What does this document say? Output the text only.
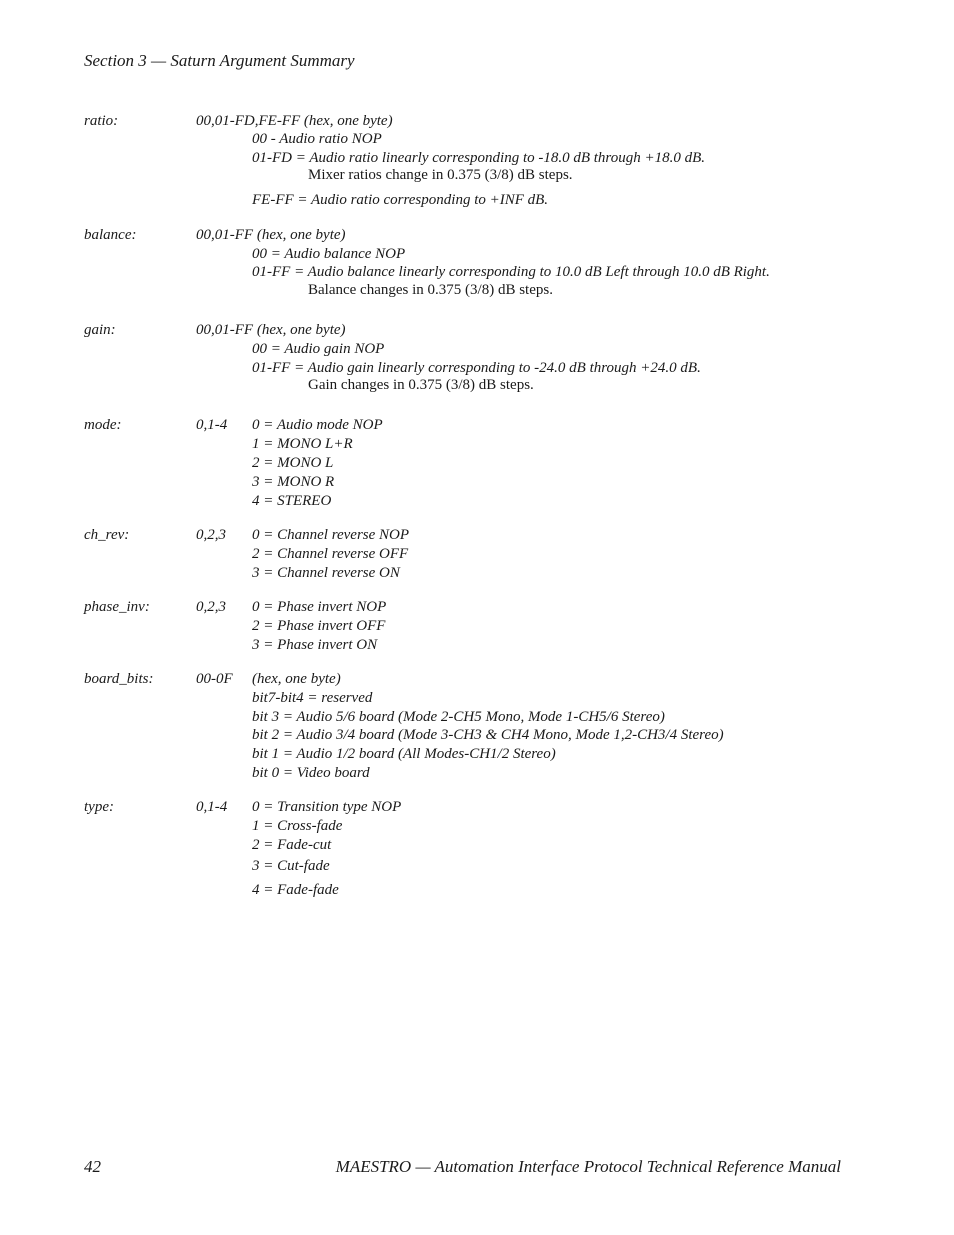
Section 3 — Saturn Argument Summary
ratio:	00,01-FD,FE-FF (hex, one byte)
00 - Audio ratio NOP
01-FD = Audio ratio linearly corresponding to -18.0 dB through +18.0 dB.
Mixer ratios change in 0.375 (3/8) dB steps.
FE-FF = Audio ratio corresponding to +INF dB.
balance:	00,01-FF (hex, one byte)
00 = Audio balance NOP
01-FF = Audio balance linearly corresponding to 10.0 dB Left through 10.0 dB Right.
Balance changes in 0.375 (3/8) dB steps.
gain:	00,01-FF (hex, one byte)
00 = Audio gain NOP
01-FF = Audio gain linearly corresponding to -24.0 dB through +24.0 dB.
Gain changes in 0.375 (3/8) dB steps.
mode:	0,1-4 0 = Audio mode NOP
1 = MONO L+R
2 = MONO L
3 = MONO R
4 = STEREO
ch_rev:	0,2,3 0 = Channel reverse NOP
2 = Channel reverse OFF
3 = Channel reverse ON
phase_inv:	0,2,3 0 = Phase invert NOP
2 = Phase invert OFF
3 = Phase invert ON
board_bits:	00-0F (hex, one byte)
bit7-bit4 = reserved
bit 3 = Audio 5/6 board (Mode 2-CH5 Mono, Mode 1-CH5/6 Stereo)
bit 2 = Audio 3/4 board (Mode 3-CH3 & CH4 Mono, Mode 1,2-CH3/4 Stereo)
bit 1 = Audio 1/2 board (All Modes-CH1/2 Stereo)
bit 0 = Video board
type:	0,1-4 0 = Transition type NOP
1 = Cross-fade
2 = Fade-cut
3 = Cut-fade
4 = Fade-fade
42	MAESTRO — Automation Interface Protocol Technical Reference Manual
